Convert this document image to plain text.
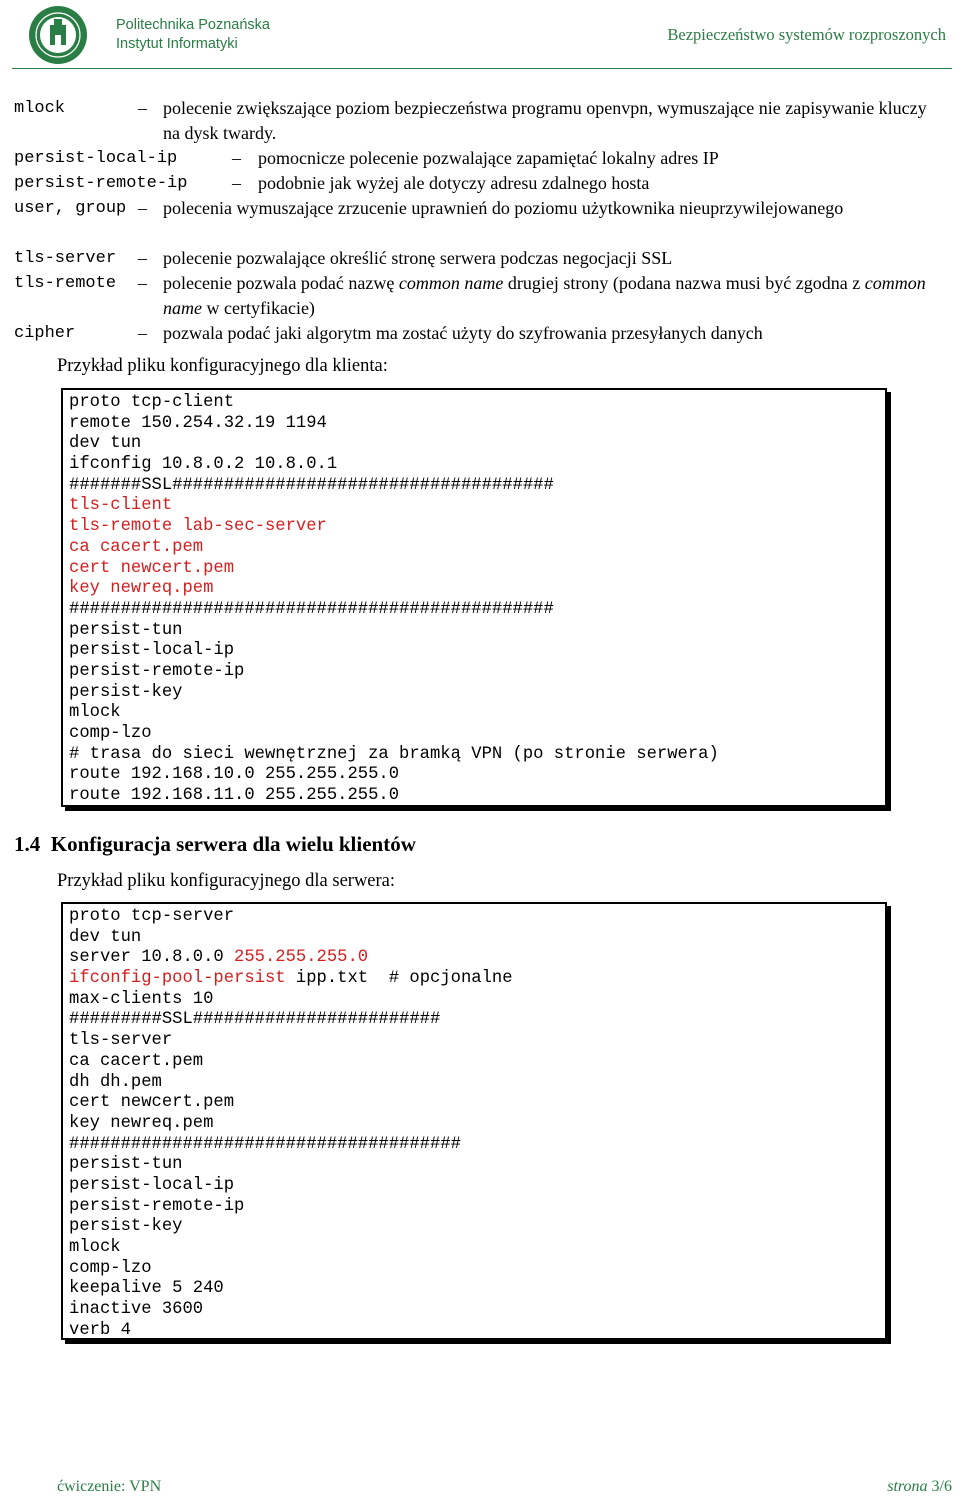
Politechnika Poznańska
Instytut Informatyki	Bezpieczeństwo systemów rozproszonych
mlock	– polecenie zwiększające poziom bezpieczeństwa programu openvpn, wymuszające nie zapisywanie kluczy na dysk twardy.
persist-local-ip	– pomocnicze polecenie pozwalające zapamiętać lokalny adres IP
persist-remote-ip – podobnie jak wyżej ale dotyczy adresu zdalnego hosta
user, group – polecenia wymuszające zrzucenie uprawnień do poziomu użytkownika nieuprzywilejowanego
tls-server – polecenie pozwalające określić stronę serwera podczas negocjacji SSL
tls-remote – polecenie pozwala podać nazwę common name drugiej strony (podana nazwa musi być zgodna z common name w certyfikacie)
cipher	– pozwala podać jaki algorytm ma zostać użyty do szyfrowania przesyłanych danych
Przykład pliku konfiguracyjnego dla klienta:
proto tcp-client
remote 150.254.32.19 1194
dev tun
ifconfig 10.8.0.2 10.8.0.1
#######SSL#####################################
tls-client
tls-remote lab-sec-server
ca cacert.pem
cert newcert.pem
key newreq.pem
###############################################
persist-tun
persist-local-ip
persist-remote-ip
persist-key
mlock
comp-lzo
# trasa do sieci wewnętrznej za bramką VPN (po stronie serwera)
route 192.168.10.0 255.255.255.0
route 192.168.11.0 255.255.255.0
1.4 Konfiguracja serwera dla wielu klientów
Przykład pliku konfiguracyjnego dla serwera:
proto tcp-server
dev tun
server 10.8.0.0 255.255.255.0
ifconfig-pool-persist ipp.txt  # opcjonalne
max-clients 10
#########SSL########################
tls-server
ca cacert.pem
dh dh.pem
cert newcert.pem
key newreq.pem
######################################
persist-tun
persist-local-ip
persist-remote-ip
persist-key
mlock
comp-lzo
keepalive 5 240
inactive 3600
verb 4
ćwiczenie: VPN	strona 3/6
